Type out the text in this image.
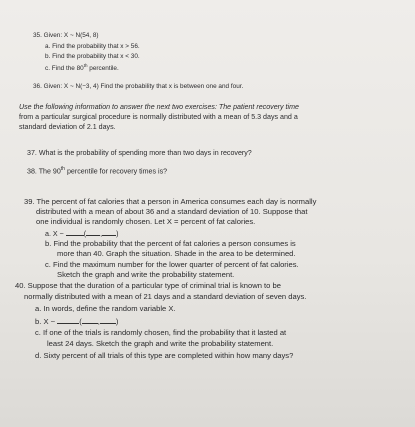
35. Given: X ~ N(54, 8)
a. Find the probability that x > 56.
b. Find the probability that x < 30.
c. Find the 80th percentile.
36. Given: X ~ N(−3, 4) Find the probability that x is between one and four.
Use the following information to answer the next two exercises: The patient recovery time
from a particular surgical procedure is normally distributed with a mean of 5.3 days and a
standard deviation of 2.1 days.
37. What is the probability of spending more than two days in recovery?
38. The 90th percentile for recovery times is?
39. The percent of fat calories that a person in America consumes each day is normally
distributed with a mean of about 36 and a standard deviation of 10. Suppose that
one individual is randomly chosen. Let X = percent of fat calories.
a. X ~	( , )
b. Find the probability that the percent of fat calories a person consumes is
more than 40. Graph the situation. Shade in the area to be determined.
c. Find the maximum number for the lower quarter of percent of fat calories.
Sketch the graph and write the probability statement.
40. Suppose that the duration of a particular type of criminal trial is known to be
normally distributed with a mean of 21 days and a standard deviation of seven days.
a. In words, define the random variable X.
b. X ~	( , )
c. If one of the trials is randomly chosen, find the probability that it lasted at
least 24 days. Sketch the graph and write the probability statement.
d. Sixty percent of all trials of this type are completed within how many days?
